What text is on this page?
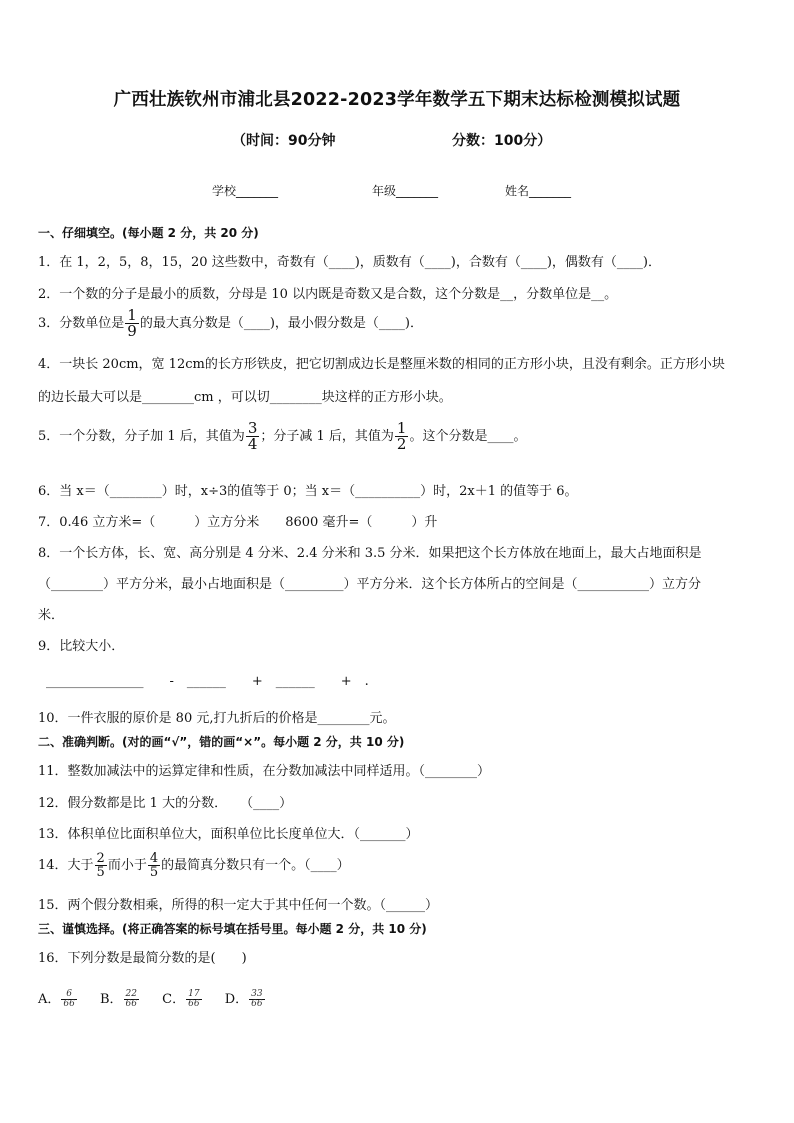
广西壮族钦州市浦北县2022-2023学年数学五下期末达标检测模拟试题
（时间：90分钟	分数：100分）
学校_______	年级_______	姓名_______
一、仔细填空。(每小题 2 分，共 20 分)
1．在 1，2，5，8，15，20 这些数中，奇数有（____)，质数有（____)，合数有（____)，偶数有（____)．
2．一个数的分子是最小的质数，分母是 10 以内既是奇数又是合数，这个分数是__，分数单位是__。
3．分数单位是 $\frac{1}{9}$ 的最大真分数是（____)，最小假分数是（____)．
4．一块长 20cm，宽 12cm的长方形铁皮，把它切割成边长是整厘米数的相同的正方形小块，且没有剩余。正方形小块
的边长最大可以是________cm ，可以切________块这样的正方形小块。
5．一个分数，分子加 1 后，其值为 $\frac{3}{4}$ ；分子减 1 后，其值为 $\frac{1}{2}$ 。这个分数是____。
6．当 x＝（________）时，x÷3的值等于 0；当 x＝（__________）时，2x＋1 的值等于 6。
7．0.46 立方米=（　　　）立方分米　　8600 毫升=（　　　）升
8．一个长方体，长、宽、高分别是 4 分米、2.4 分米和 3.5 分米．如果把这个长方体放在地面上，最大占地面积是
（________）平方分米，最小占地面积是（_________）平方分米．这个长方体所占的空间是（___________）立方分
米．
9．比较大小．
_______________　　-　______　　+　______　　+　.
10．一件衣服的原价是 80 元,打九折后的价格是________元。
二、准确判断。(对的画“√”，错的画“×”。每小题 2 分，共 10 分)
11．整数加减法中的运算定律和性质，在分数加减法中同样适用。（________）
12．假分数都是比 1 大的分数．　　（____）
13．体积单位比面积单位大，面积单位比长度单位大．（_______）
14．大于 $\frac{2}{5}$ 而小于 $\frac{4}{5}$ 的最简真分数只有一个。（____）
15．两个假分数相乘，所得的积一定大于其中任何一个数。（______）
三、谨慎选择。(将正确答案的标号填在括号里。每小题 2 分，共 10 分)
16．下列分数是最简分数的是(　　)
A． $\frac{6}{66}$ B． $\frac{22}{66}$ C． $\frac{17}{66}$ D． $\frac{33}{66}$
